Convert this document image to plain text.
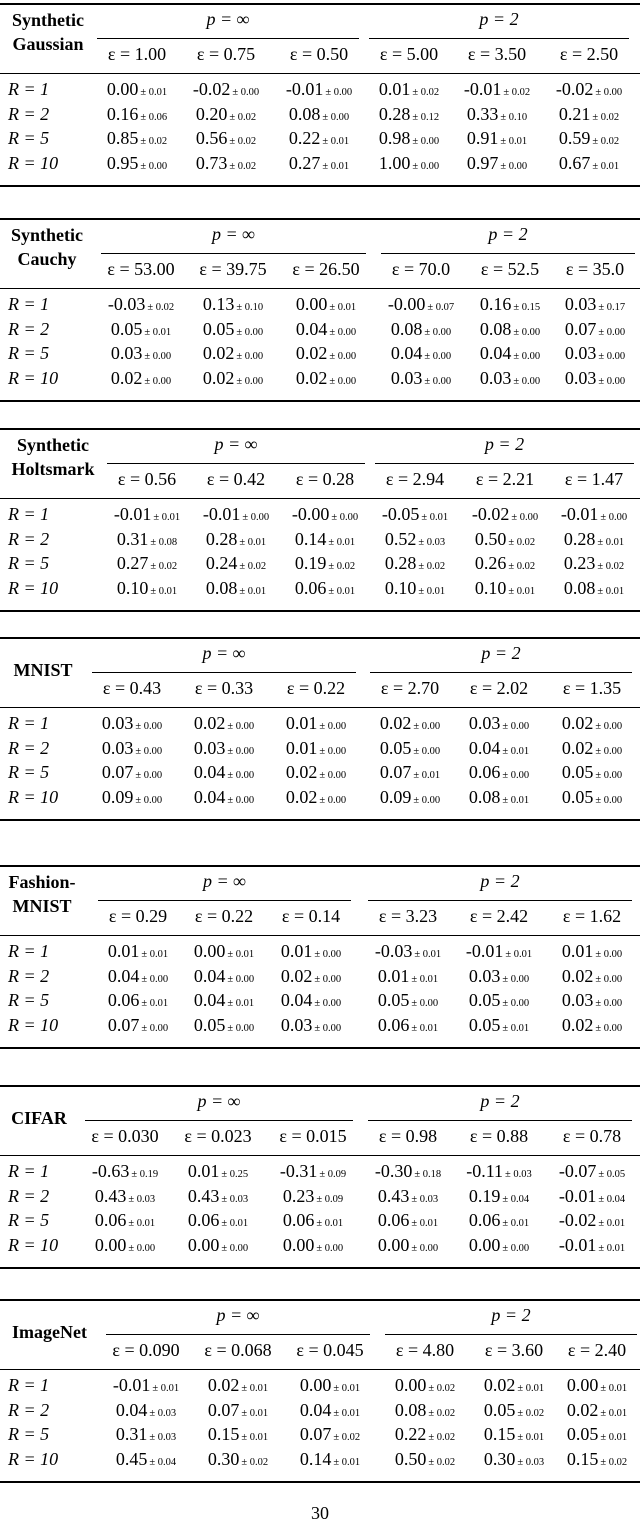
Synthetic
Gaussian
p = ∞	p = 2
ε = 1.00 ε = 0.75 ε = 0.50 ε = 5.00 ε = 3.50 ε = 2.50
R = 1	0.00 ± 0.01 -0.02 ± 0.00 -0.01 ± 0.00 0.01 ± 0.02 -0.01 ± 0.02 -0.02 ± 0.00
R = 2	0.16 ± 0.06 0.20 ± 0.02 0.08 ± 0.00 0.28 ± 0.12 0.33 ± 0.10 0.21 ± 0.02
R = 5	0.85 ± 0.02 0.56 ± 0.02 0.22 ± 0.01 0.98 ± 0.00 0.91 ± 0.01 0.59 ± 0.02
R = 10	0.95 ± 0.00 0.73 ± 0.02 0.27 ± 0.01 1.00 ± 0.00 0.97 ± 0.00 0.67 ± 0.01
Synthetic
Cauchy
p = ∞	p = 2
ε = 53.00 ε = 39.75 ε = 26.50 ε = 70.0 ε = 52.5 ε = 35.0
R = 1	-0.03 ± 0.02 0.13 ± 0.10 0.00 ± 0.01 -0.00 ± 0.07 0.16 ± 0.15 0.03 ± 0.17
R = 2	0.05 ± 0.01 0.05 ± 0.00 0.04 ± 0.00 0.08 ± 0.00 0.08 ± 0.00 0.07 ± 0.00
R = 5	0.03 ± 0.00 0.02 ± 0.00 0.02 ± 0.00 0.04 ± 0.00 0.04 ± 0.00 0.03 ± 0.00
R = 10	0.02 ± 0.00 0.02 ± 0.00 0.02 ± 0.00 0.03 ± 0.00 0.03 ± 0.00 0.03 ± 0.00
Synthetic
Holtsmark
p = ∞	p = 2
ε = 0.56 ε = 0.42 ε = 0.28 ε = 2.94 ε = 2.21 ε = 1.47
R = 1	-0.01 ± 0.01 -0.01 ± 0.00 -0.00 ± 0.00 -0.05 ± 0.01 -0.02 ± 0.00 -0.01 ± 0.00
R = 2	0.31 ± 0.08 0.28 ± 0.01 0.14 ± 0.01 0.52 ± 0.03 0.50 ± 0.02 0.28 ± 0.01
R = 5	0.27 ± 0.02 0.24 ± 0.02 0.19 ± 0.02 0.28 ± 0.02 0.26 ± 0.02 0.23 ± 0.02
R = 10	0.10 ± 0.01 0.08 ± 0.01 0.06 ± 0.01 0.10 ± 0.01 0.10 ± 0.01 0.08 ± 0.01
MNIST
p = ∞	p = 2
ε = 0.43 ε = 0.33 ε = 0.22 ε = 2.70 ε = 2.02 ε = 1.35
R = 1	0.03 ± 0.00 0.02 ± 0.00 0.01 ± 0.00 0.02 ± 0.00 0.03 ± 0.00 0.02 ± 0.00
R = 2	0.03 ± 0.00 0.03 ± 0.00 0.01 ± 0.00 0.05 ± 0.00 0.04 ± 0.01 0.02 ± 0.00
R = 5	0.07 ± 0.00 0.04 ± 0.00 0.02 ± 0.00 0.07 ± 0.01 0.06 ± 0.00 0.05 ± 0.00
R = 10 0.09 ± 0.00 0.04 ± 0.00 0.02 ± 0.00 0.09 ± 0.00 0.08 ± 0.01 0.05 ± 0.00
Fashion-
MNIST
p = ∞	p = 2
ε = 0.29 ε = 0.22 ε = 0.14 ε = 3.23 ε = 2.42 ε = 1.62
R = 1	0.01 ± 0.01 0.00 ± 0.01 0.01 ± 0.00 -0.03 ± 0.01 -0.01 ± 0.01 0.01 ± 0.00
R = 2	0.04 ± 0.00 0.04 ± 0.00 0.02 ± 0.00 0.01 ± 0.01 0.03 ± 0.00 0.02 ± 0.00
R = 5	0.06 ± 0.01 0.04 ± 0.01 0.04 ± 0.00 0.05 ± 0.00 0.05 ± 0.00 0.03 ± 0.00
R = 10	0.07 ± 0.00 0.05 ± 0.00 0.03 ± 0.00 0.06 ± 0.01 0.05 ± 0.01 0.02 ± 0.00
CIFAR
p = ∞	p = 2
ε = 0.030 ε = 0.023 ε = 0.015 ε = 0.98 ε = 0.88 ε = 0.78
R = 1 -0.63 ± 0.19 0.01 ± 0.25 -0.31 ± 0.09 -0.30 ± 0.18 -0.11 ± 0.03 -0.07 ± 0.05
R = 2	0.43 ± 0.03 0.43 ± 0.03 0.23 ± 0.09 0.43 ± 0.03 0.19 ± 0.04 -0.01 ± 0.04
R = 5	0.06 ± 0.01 0.06 ± 0.01 0.06 ± 0.01 0.06 ± 0.01 0.06 ± 0.01 -0.02 ± 0.01
R = 10 0.00 ± 0.00 0.00 ± 0.00 0.00 ± 0.00 0.00 ± 0.00 0.00 ± 0.00 -0.01 ± 0.01
ImageNet
p = ∞	p = 2
ε = 0.090 ε = 0.068 ε = 0.045 ε = 4.80 ε = 3.60 ε = 2.40
R = 1	-0.01 ± 0.01 0.02 ± 0.01 0.00 ± 0.01 0.00 ± 0.02 0.02 ± 0.01 0.00 ± 0.01
R = 2	0.04 ± 0.03 0.07 ± 0.01 0.04 ± 0.01 0.08 ± 0.02 0.05 ± 0.02 0.02 ± 0.01
R = 5	0.31 ± 0.03 0.15 ± 0.01 0.07 ± 0.02 0.22 ± 0.02 0.15 ± 0.01 0.05 ± 0.01
R = 10	0.45 ± 0.04 0.30 ± 0.02 0.14 ± 0.01 0.50 ± 0.02 0.30 ± 0.03 0.15 ± 0.02
30
